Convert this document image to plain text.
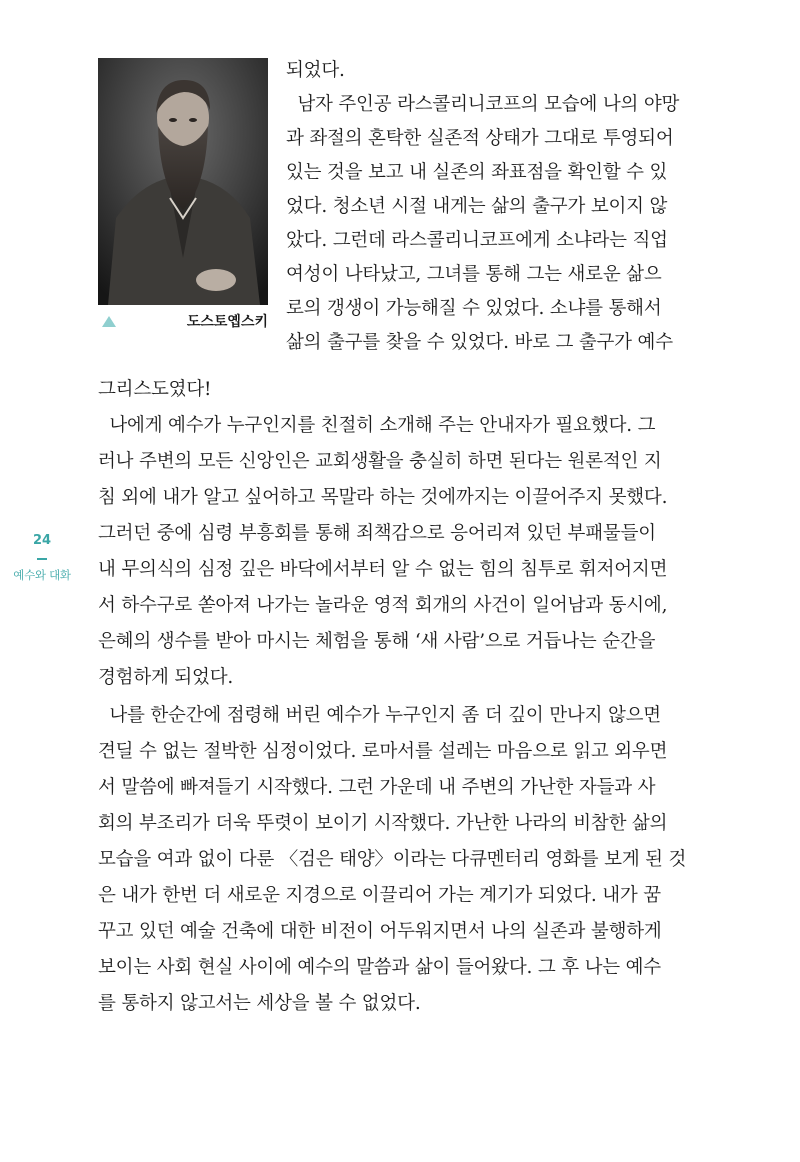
도스토옙스키
되었다.
남자 주인공 라스콜리니코프의 모습에 나의 야망
과 좌절의 혼탁한 실존적 상태가 그대로 투영되어
있는 것을 보고 내 실존의 좌표점을 확인할 수 있
었다. 청소년 시절 내게는 삶의 출구가 보이지 않
았다. 그런데 라스콜리니코프에게 소냐라는 직업
여성이 나타났고, 그녀를 통해 그는 새로운 삶으
로의 갱생이 가능해질 수 있었다. 소냐를 통해서
삶의 출구를 찾을 수 있었다. 바로 그 출구가 예수
그리스도였다!
나에게 예수가 누구인지를 친절히 소개해 주는 안내자가 필요했다. 그
러나 주변의 모든 신앙인은 교회생활을 충실히 하면 된다는 원론적인 지
침 외에 내가 알고 싶어하고 목말라 하는 것에까지는 이끌어주지 못했다.
그러던 중에 심령 부흥회를 통해 죄책감으로 응어리져 있던 부패물들이
내 무의식의 심정 깊은 바닥에서부터 알 수 없는 힘의 침투로 휘저어지면
서 하수구로 쏟아져 나가는 놀라운 영적 회개의 사건이 일어남과 동시에,
은혜의 생수를 받아 마시는 체험을 통해 ‘새 사람’으로 거듭나는 순간을
경험하게 되었다.
나를 한순간에 점령해 버린 예수가 누구인지 좀 더 깊이 만나지 않으면
견딜 수 없는 절박한 심정이었다. 로마서를 설레는 마음으로 읽고 외우면
서 말씀에 빠져들기 시작했다. 그런 가운데 내 주변의 가난한 자들과 사
회의 부조리가 더욱 뚜렷이 보이기 시작했다. 가난한 나라의 비참한 삶의
모습을 여과 없이 다룬 〈검은 태양〉이라는 다큐멘터리 영화를 보게 된 것
은 내가 한번 더 새로운 지경으로 이끌리어 가는 계기가 되었다. 내가 꿈
꾸고 있던 예술 건축에 대한 비전이 어두워지면서 나의 실존과 불행하게
보이는 사회 현실 사이에 예수의 말씀과 삶이 들어왔다. 그 후 나는 예수
를 통하지 않고서는 세상을 볼 수 없었다.
24
예수와 대화
